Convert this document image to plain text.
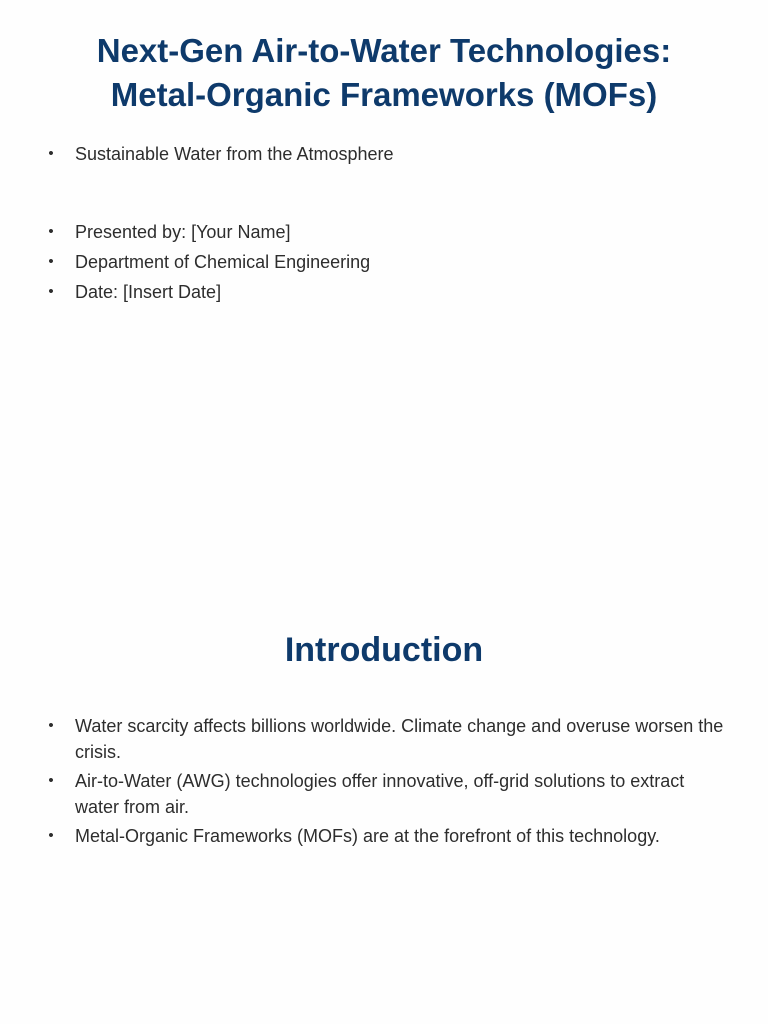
Next-Gen Air-to-Water Technologies:
Metal-Organic Frameworks (MOFs)
• Sustainable Water from the Atmosphere
• Presented by: [Your Name]
• Department of Chemical Engineering
• Date: [Insert Date]
Introduction
• Water scarcity affects billions worldwide. Climate change and overuse worsen the crisis.
• Air-to-Water (AWG) technologies offer innovative, off-grid solutions to extract water from air.
• Metal-Organic Frameworks (MOFs) are at the forefront of this technology.
